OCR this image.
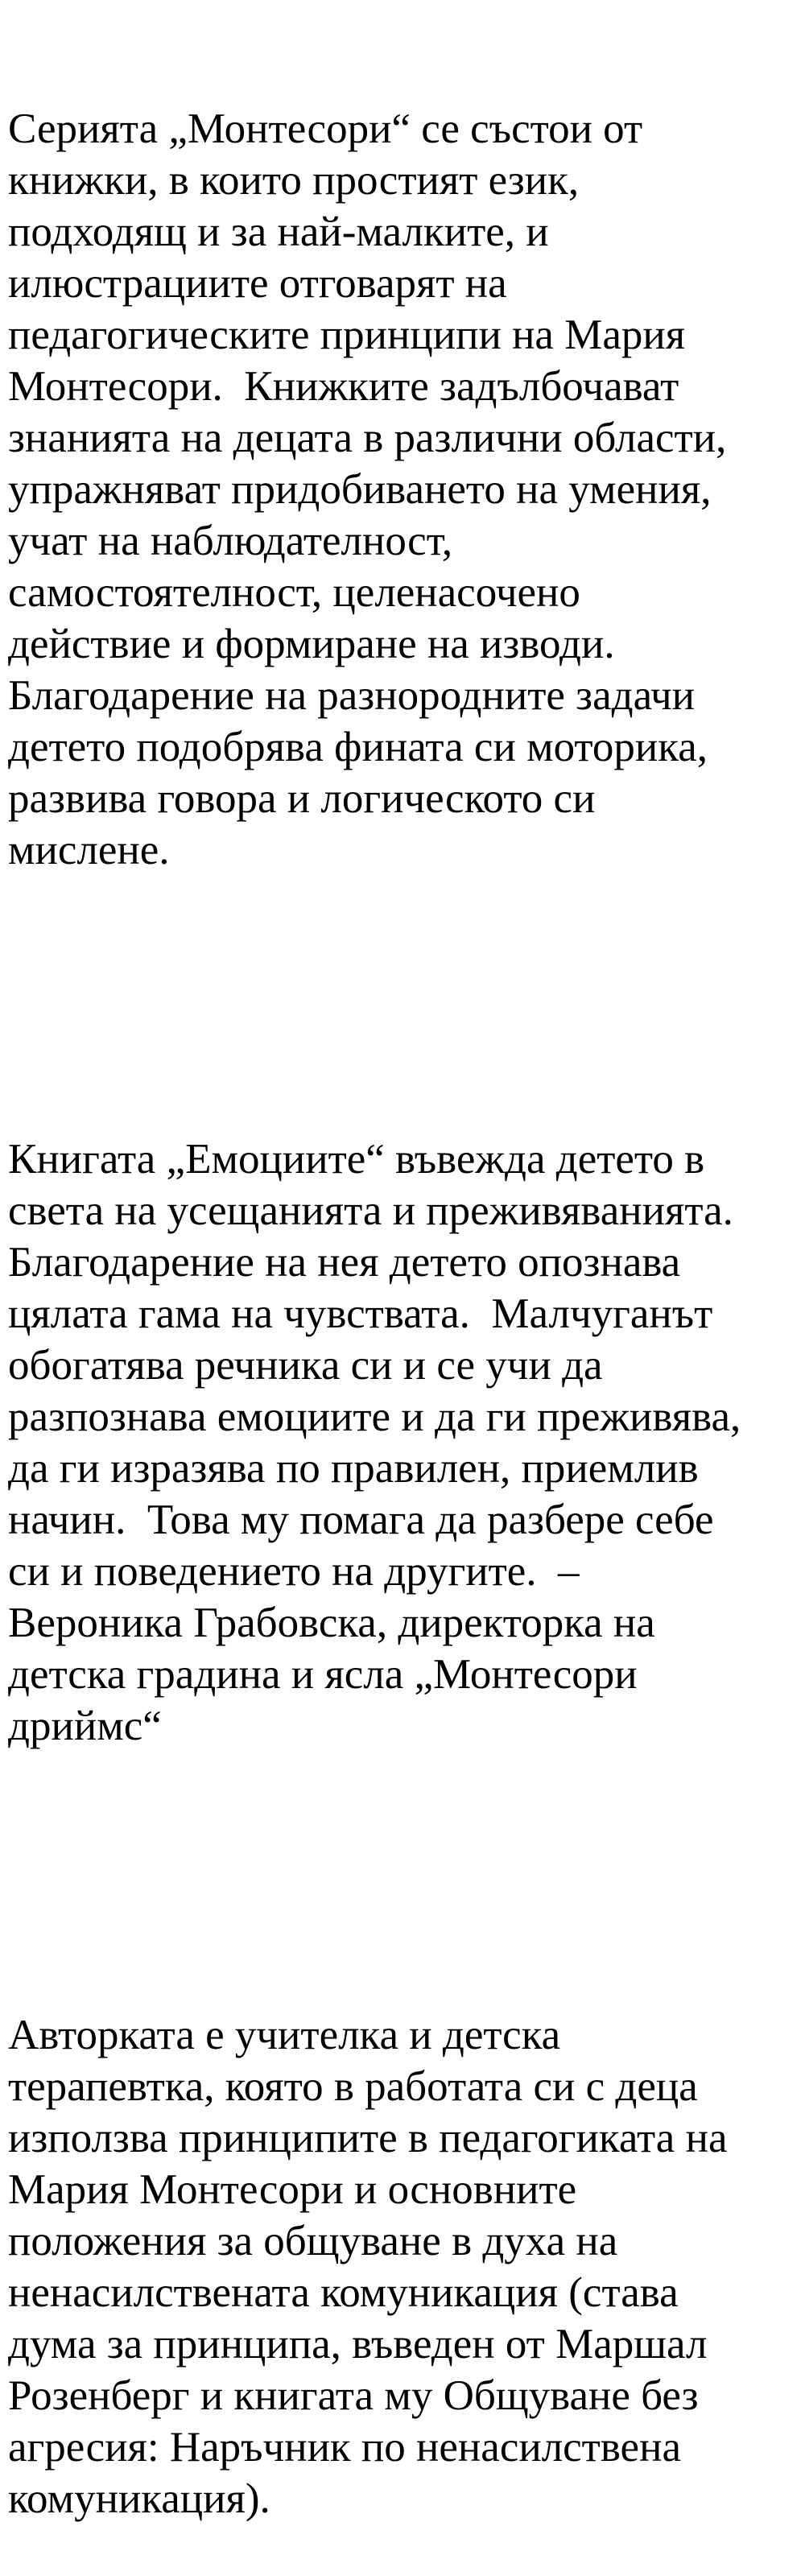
Серията „Монтесори“ се състои от
книжки, в които простият език,
подходящ и за най-малките, и
илюстрациите отговарят на
педагогическите принципи на Мария
Монтесори.  Книжките задълбочават
знанията на децата в различни области,
упражняват придобиването на умения,
учат на наблюдателност,
самостоятелност, целенасочено
действие и формиране на изводи.
Благодарение на разнородните задачи
детето подобрява фината си моторика,
развива говора и логическото си
мислене.

Книгата „Емоциите“ въвежда детето в
света на усещанията и преживяванията.
Благодарение на нея детето опознава
цялата гама на чувствата.  Малчуганът
обогатява речника си и се учи да
разпознава емоциите и да ги преживява,
да ги изразява по правилен, приемлив
начин.  Това му помага да разбере себе
си и поведението на другите.  –
Вероника Грабовска, директорка на
детска градина и ясла „Монтесори
дриймс“

Авторката е учителка и детска
терапевтка, която в работата си с деца
използва принципите в педагогиката на
Мария Монтесори и основните
положения за общуване в духа на
ненасилствената комуникация (става
дума за принципа, въведен от Маршал
Розенберг и книгата му Общуване без
агресия: Наръчник по ненасилствена
комуникация).
